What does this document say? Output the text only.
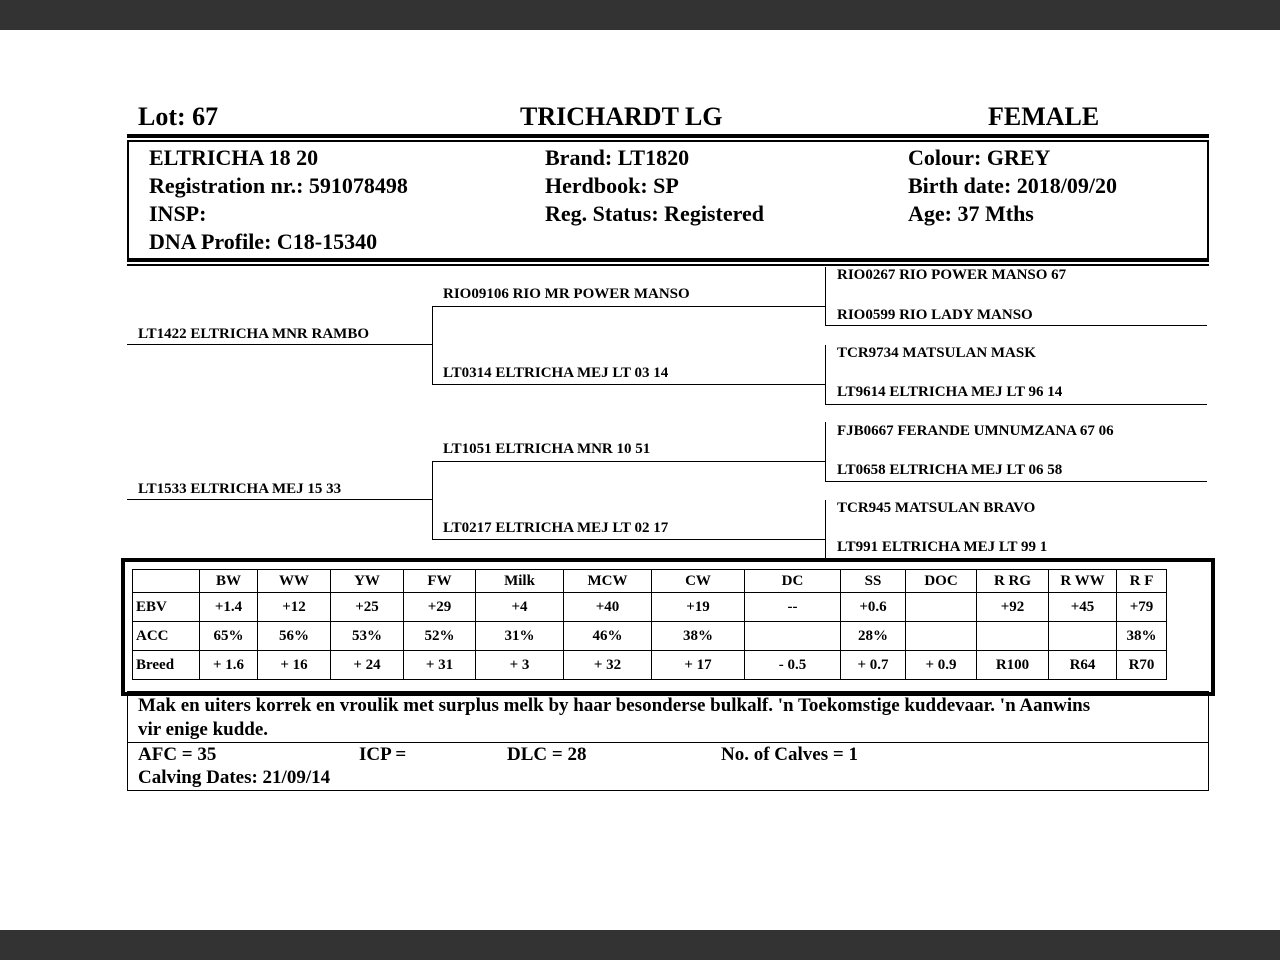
Lot: 67	TRICHARDT LG	FEMALE
ELTRICHA 18 20
Registration nr.: 591078498
INSP:
DNA Profile: C18-15340
Brand: LT1820
Herdbook: SP
Reg. Status: Registered
Colour: GREY
Birth date: 2018/09/20
Age: 37 Mths
LT1422 ELTRICHA MNR RAMBO
LT1533 ELTRICHA MEJ 15 33
RIO09106 RIO MR POWER MANSO
LT0314 ELTRICHA MEJ LT 03 14
LT1051 ELTRICHA MNR 10 51
LT0217 ELTRICHA MEJ LT 02 17
RIO0267 RIO POWER MANSO 67
RIO0599 RIO LADY MANSO
TCR9734 MATSULAN MASK
LT9614 ELTRICHA MEJ LT 96 14
FJB0667 FERANDE UMNUMZANA 67 06
LT0658 ELTRICHA MEJ LT 06 58
TCR945 MATSULAN BRAVO
LT991 ELTRICHA MEJ LT 99 1
	BW	WW	YW	FW	Milk	MCW	CW	DC	SS	DOC	R RG	R WW	R F
EBV	+1.4	+12	+25	+29	+4	+40	+19	--	+0.6		+92	+45	+79
ACC	65%	56%	53%	52%	31%	46%	38%		28%				38%
Breed	+ 1.6	+ 16	+ 24	+ 31	+ 3	+ 32	+ 17	- 0.5	+ 0.7	+ 0.9	R100	R64	R70
Mak en uiters korrek en vroulik met surplus melk by haar besonderse bulkalf. 'n Toekomstige kuddevaar. 'n Aanwins
vir enige kudde.
AFC = 35	ICP =	DLC = 28	No. of Calves = 1
Calving Dates: 21/09/14
